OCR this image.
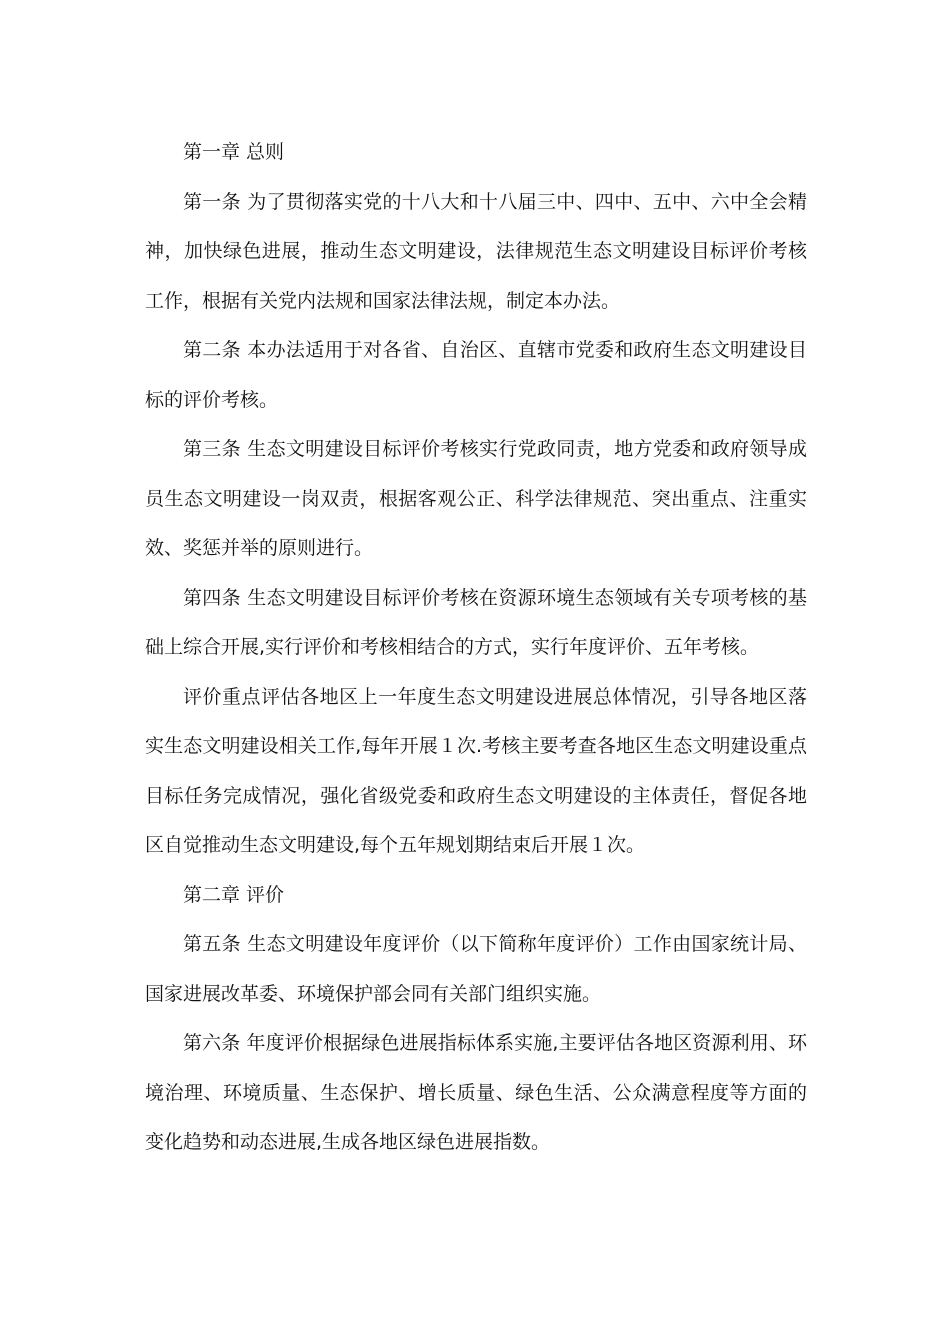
第一章 总则

第一条 为了贯彻落实党的十八大和十八届三中、四中、五中、六中全会精神，加快绿色进展，推动生态文明建设，法律规范生态文明建设目标评价考核工作，根据有关党内法规和国家法律法规，制定本办法。

第二条 本办法适用于对各省、自治区、直辖市党委和政府生态文明建设目标的评价考核。

第三条 生态文明建设目标评价考核实行党政同责，地方党委和政府领导成员生态文明建设一岗双责，根据客观公正、科学法律规范、突出重点、注重实效、奖惩并举的原则进行。

第四条 生态文明建设目标评价考核在资源环境生态领域有关专项考核的基础上综合开展,实行评价和考核相结合的方式，实行年度评价、五年考核。

评价重点评估各地区上一年度生态文明建设进展总体情况，引导各地区落实生态文明建设相关工作,每年开展１次.考核主要考查各地区生态文明建设重点目标任务完成情况，强化省级党委和政府生态文明建设的主体责任，督促各地区自觉推动生态文明建设,每个五年规划期结束后开展１次。

第二章 评价

第五条 生态文明建设年度评价（以下简称年度评价）工作由国家统计局、国家进展改革委、环境保护部会同有关部门组织实施。

第六条 年度评价根据绿色进展指标体系实施,主要评估各地区资源利用、环境治理、环境质量、生态保护、增长质量、绿色生活、公众满意程度等方面的变化趋势和动态进展,生成各地区绿色进展指数。
